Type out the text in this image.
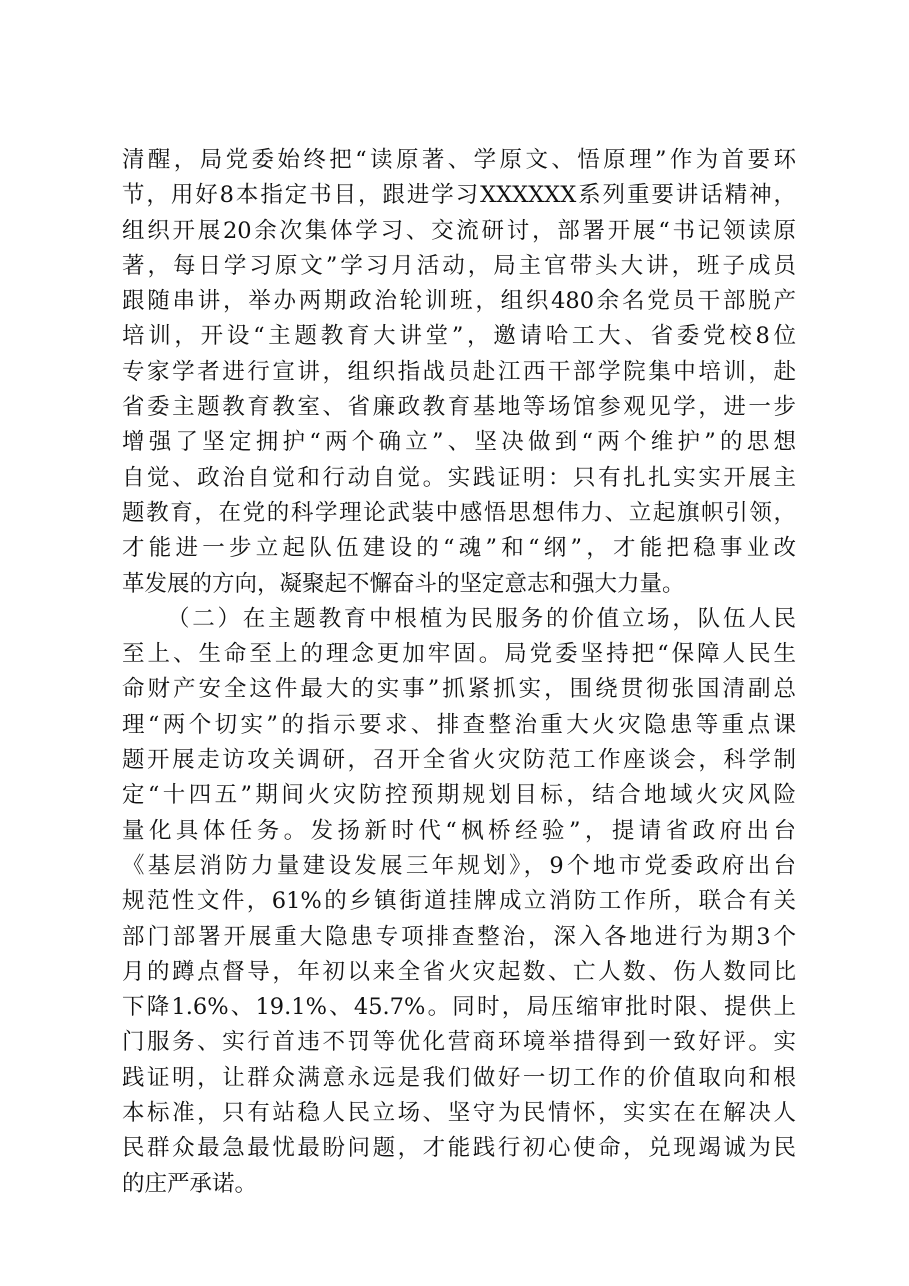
清醒，局党委始终把“读原著、学原文、悟原理”作为首要环
节，用好8本指定书目，跟进学习XXXXXX系列重要讲话精神，
组织开展20余次集体学习、交流研讨，部署开展“书记领读原
著，每日学习原文”学习月活动，局主官带头大讲，班子成员
跟随串讲，举办两期政治轮训班，组织480余名党员干部脱产
培训，开设“主题教育大讲堂”，邀请哈工大、省委党校8位
专家学者进行宣讲，组织指战员赴江西干部学院集中培训，赴
省委主题教育教室、省廉政教育基地等场馆参观见学，进一步
增强了坚定拥护“两个确立”、坚决做到“两个维护”的思想
自觉、政治自觉和行动自觉。实践证明：只有扎扎实实开展主
题教育，在党的科学理论武装中感悟思想伟力、立起旗帜引领，
才能进一步立起队伍建设的“魂”和“纲”，才能把稳事业改
革发展的方向，凝聚起不懈奋斗的坚定意志和强大力量。
（二）在主题教育中根植为民服务的价值立场，队伍人民
至上、生命至上的理念更加牢固。局党委坚持把“保障人民生
命财产安全这件最大的实事”抓紧抓实，围绕贯彻张国清副总
理“两个切实”的指示要求、排查整治重大火灾隐患等重点课
题开展走访攻关调研，召开全省火灾防范工作座谈会，科学制
定“十四五”期间火灾防控预期规划目标，结合地域火灾风险
量化具体任务。发扬新时代“枫桥经验”，提请省政府出台
《基层消防力量建设发展三年规划》，9个地市党委政府出台
规范性文件，61%的乡镇街道挂牌成立消防工作所，联合有关
部门部署开展重大隐患专项排查整治，深入各地进行为期3个
月的蹲点督导，年初以来全省火灾起数、亡人数、伤人数同比
下降1.6%、19.1%、45.7%。同时，局压缩审批时限、提供上
门服务、实行首违不罚等优化营商环境举措得到一致好评。实
践证明，让群众满意永远是我们做好一切工作的价值取向和根
本标准，只有站稳人民立场、坚守为民情怀，实实在在解决人
民群众最急最忧最盼问题，才能践行初心使命，兑现竭诚为民
的庄严承诺。
